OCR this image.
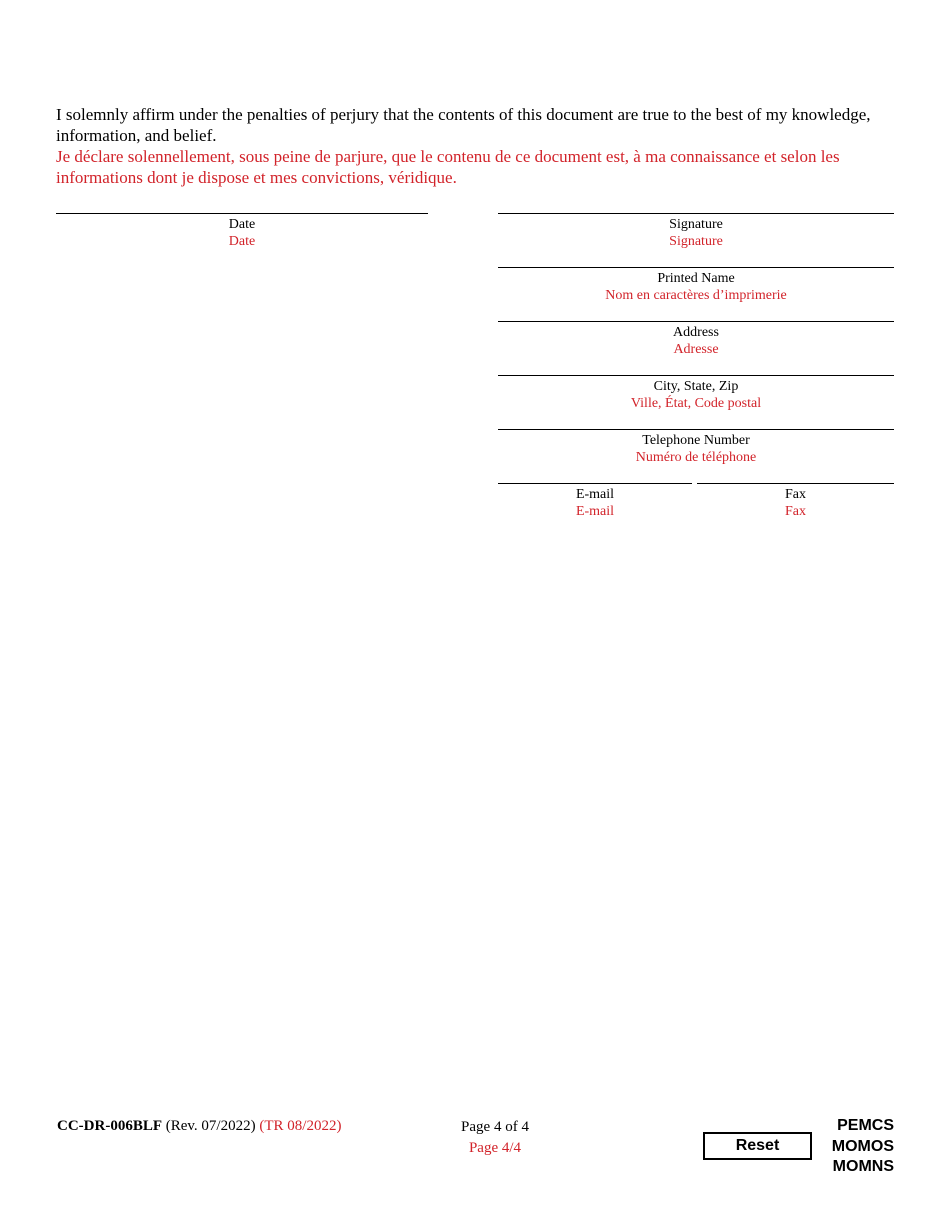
I solemnly affirm under the penalties of perjury that the contents of this document are true to the best of my knowledge, information, and belief.

Je déclare solennellement, sous peine de parjure, que le contenu de ce document est, à ma connaissance et selon les informations dont je dispose et mes convictions, véridique.

Date
Date
Signature
Signature
Printed Name
Nom en caractères d’imprimerie
Address
Adresse
City, State, Zip
Ville, État, Code postal
Telephone Number
Numéro de téléphone
E-mail
E-mail
Fax
Fax
CC-DR-006BLF (Rev. 07/2022) (TR 08/2022)	Page 4 of 4
Page 4/4	Reset
PEMCS
MOMOS
MOMNS
